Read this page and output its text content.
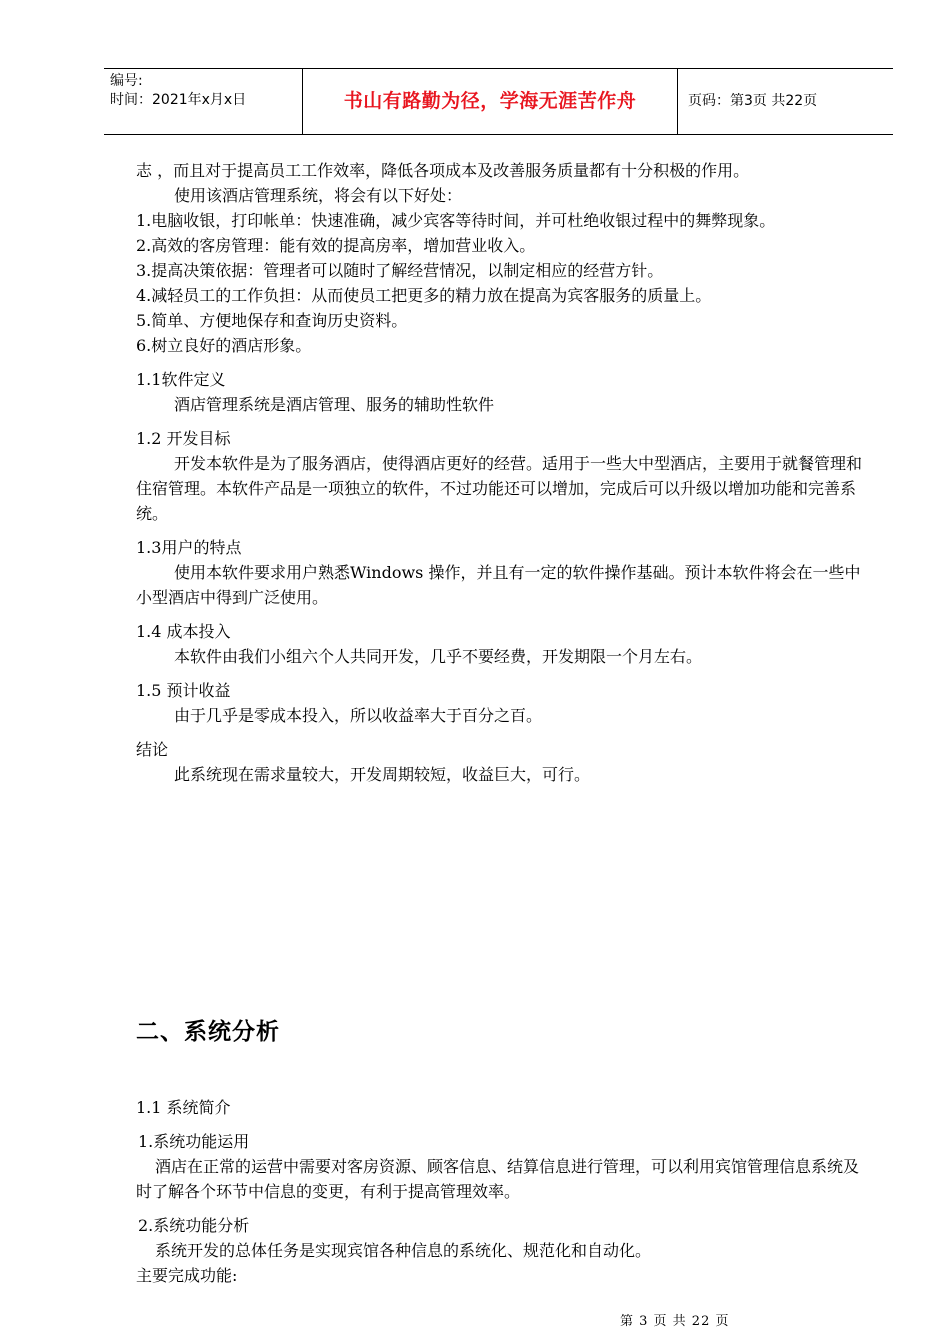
编号:
时间：2021年x月x日	书山有路勤为径，学海无涯苦作舟	页码：第3页 共22页

志 ，而且对于提高员工工作效率，降低各项成本及改善服务质量都有十分积极的作用。

使用该酒店管理系统，将会有以下好处：

1.电脑收银，打印帐单：快速准确，减少宾客等待时间，并可杜绝收银过程中的舞弊现象。

2.高效的客房管理：能有效的提高房率，增加营业收入。

3.提高决策依据：管理者可以随时了解经营情况，以制定相应的经营方针。

4.减轻员工的工作负担：从而使员工把更多的精力放在提高为宾客服务的质量上。

5.简单、方便地保存和查询历史资料。

6.树立良好的酒店形象。

1.1软件定义

酒店管理系统是酒店管理、服务的辅助性软件

1.2 开发目标

开发本软件是为了服务酒店，使得酒店更好的经营。适用于一些大中型酒店，主要用于就餐管理和住宿管理。本软件产品是一项独立的软件，不过功能还可以增加，完成后可以升级以增加功能和完善系统。

1.3用户的特点

使用本软件要求用户熟悉Windows 操作，并且有一定的软件操作基础。预计本软件将会在一些中小型酒店中得到广泛使用。

1.4 成本投入

本软件由我们小组六个人共同开发，几乎不要经费，开发期限一个月左右。

1.5 预计收益

由于几乎是零成本投入，所以收益率大于百分之百。

结论

此系统现在需求量较大，开发周期较短，收益巨大，可行。

二、系统分析

1.1 系统简介

1.系统功能运用

酒店在正常的运营中需要对客房资源、顾客信息、结算信息进行管理，可以利用宾馆管理信息系统及时了解各个环节中信息的变更，有利于提高管理效率。

2.系统功能分析

系统开发的总体任务是实现宾馆各种信息的系统化、规范化和自动化。

主要完成功能:

第 3 页 共 22 页
